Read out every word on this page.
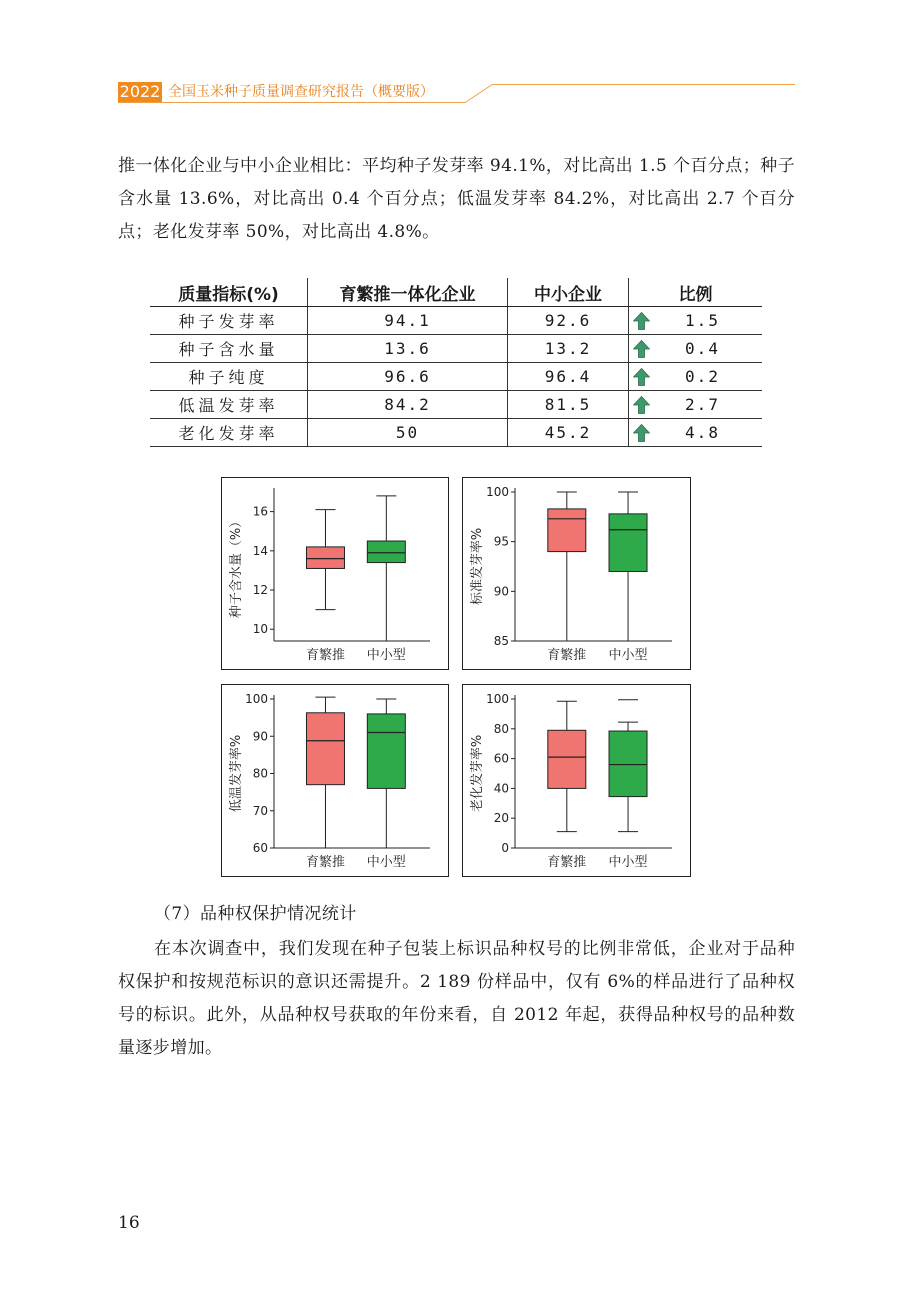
2022 全国玉米种子质量调查研究报告（概要版）

推一体化企业与中小企业相比：平均种子发芽率 94.1%，对比高出 1.5 个百分点；种子含水量 13.6%，对比高出 0.4 个百分点；低温发芽率 84.2%，对比高出 2.7 个百分点；老化发芽率 50%，对比高出 4.8%。

质量指标(%)	育繁推一体化企业	中小企业	比例
种子发芽率	94.1	92.6	1.5
种子含水量	13.6	13.2	0.4
种子纯度	96.6	96.4	0.2
低温发芽率	84.2	81.5	2.7
老化发芽率	50	45.2	4.8
10
12
14
16
种子含水量（%）
育繁推 中小型
85
90
95
100
标准发芽率%
育繁推 中小型
60
70
80
90
100
低温发芽率%
育繁推 中小型
0
20
40
60
80
100
老化发芽率%
育繁推 中小型

（7）品种权保护情况统计

在本次调查中，我们发现在种子包装上标识品种权号的比例非常低，企业对于品种权保护和按规范标识的意识还需提升。2 189 份样品中，仅有 6%的样品进行了品种权号的标识。此外，从品种权号获取的年份来看，自 2012 年起，获得品种权号的品种数量逐步增加。

16
